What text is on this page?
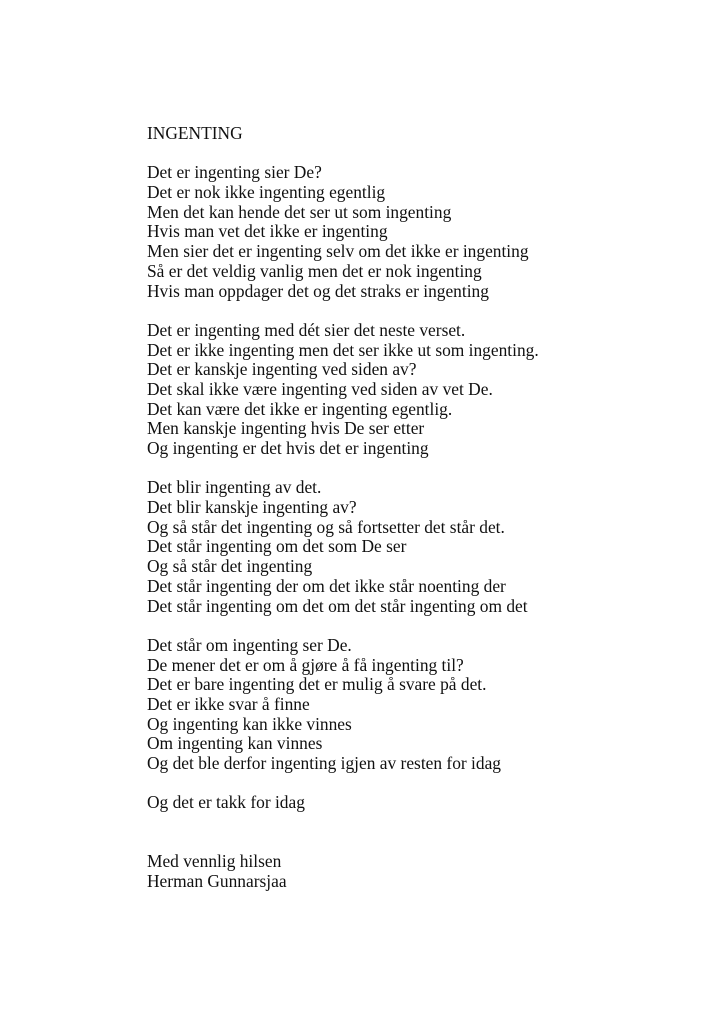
INGENTING
Det er ingenting sier De?
Det er nok ikke ingenting egentlig
Men det kan hende det ser ut som ingenting
Hvis man vet det ikke er ingenting
Men sier det er ingenting selv om det ikke er ingenting
Så er det veldig vanlig men det er nok ingenting
Hvis man oppdager det og det straks er ingenting
Det er ingenting med dét sier det neste verset.
Det er ikke ingenting men det ser ikke ut som ingenting.
Det er kanskje ingenting ved siden av?
Det skal ikke være ingenting ved siden av vet De.
Det kan være det ikke er ingenting egentlig.
Men kanskje ingenting hvis De ser etter
Og ingenting er det hvis det er ingenting
Det blir ingenting av det.
Det blir kanskje ingenting av?
Og så står det ingenting og så fortsetter det står det.
Det står ingenting om det som De ser
Og så står det ingenting
Det står ingenting der om det ikke står noenting der
Det står ingenting om det om det står ingenting om det
Det står om ingenting ser De.
De mener det er om å gjøre å få ingenting til?
Det er bare ingenting det er mulig å svare på det.
Det er ikke svar å finne
Og ingenting kan ikke vinnes
Om ingenting kan vinnes
Og det ble derfor ingenting igjen av resten for idag
Og det er takk for idag
Med vennlig hilsen
Herman Gunnarsjaa
